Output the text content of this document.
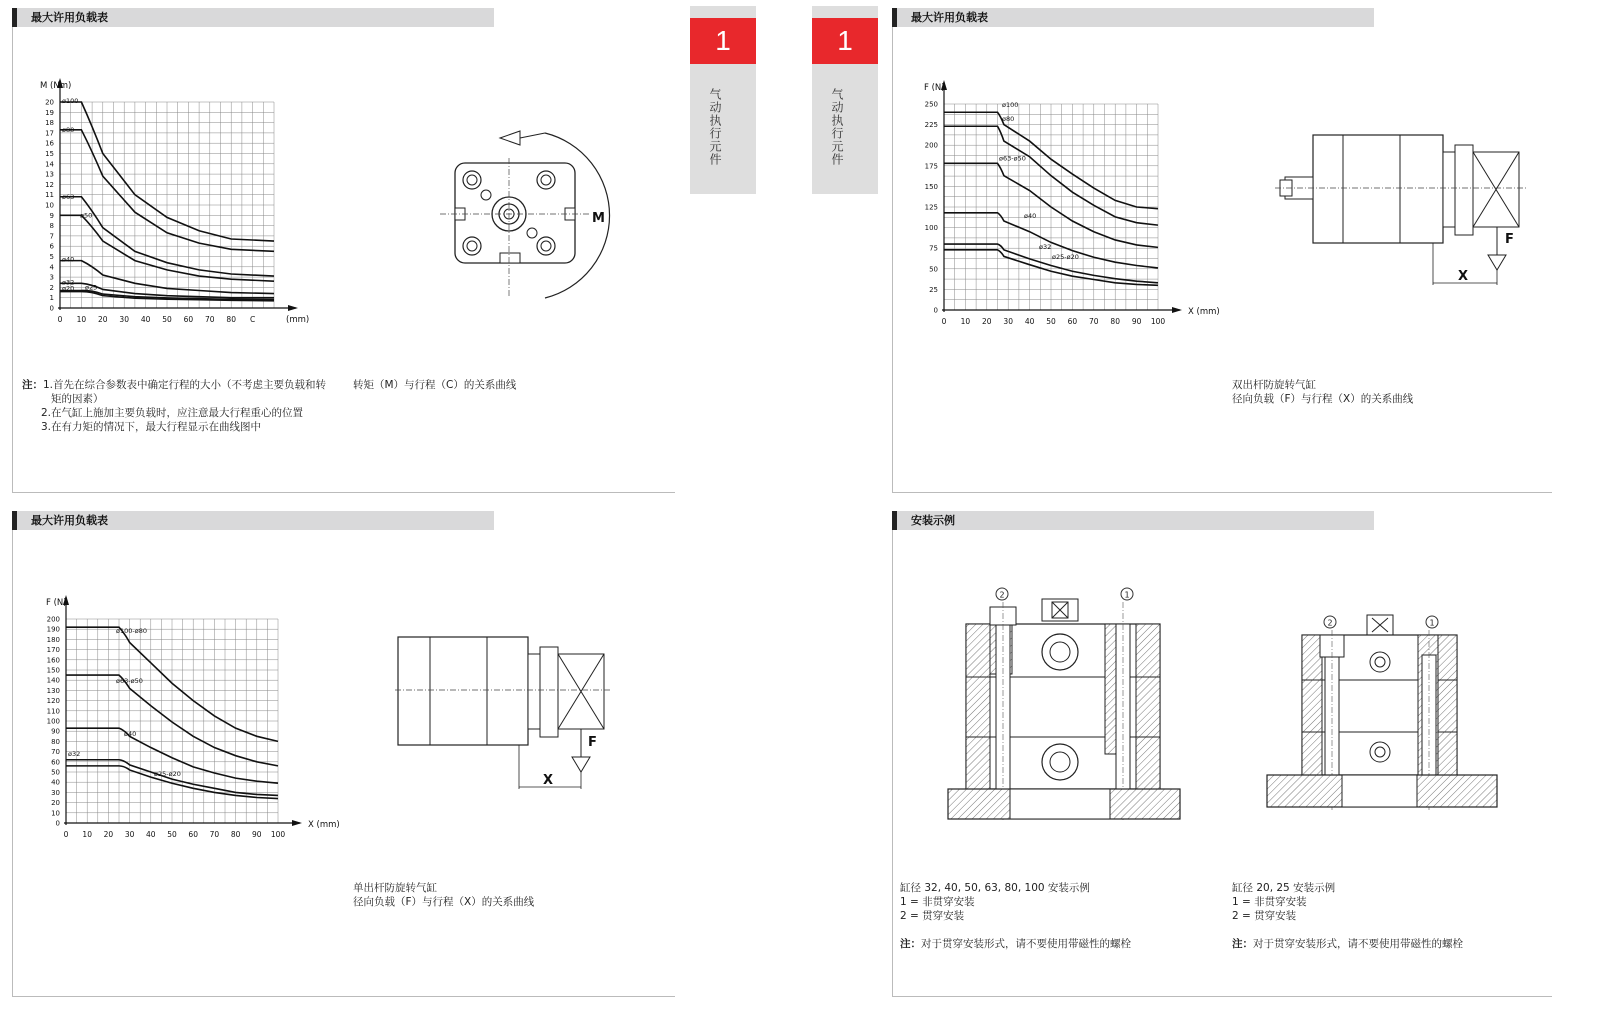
最大许用负载表
0 10 20 30 40 50 60 70 80 C
0
1
2
3
4
5
6
7
8
9
10
11
12
13
14
15
16
17
18
19
20
M (Nm)
(mm)
ø100
ø80
ø63
ø50
ø40
ø32
ø20 ø25
M
注：1.首先在综合参数表中确定行程的大小（不考虑主要负载和转
矩的因素）
2.在气缸上施加主要负载时，应注意最大行程重心的位置
3.在有力矩的情况下，最大行程显示在曲线图中
转矩（M）与行程（C）的关系曲线
1
气动执行元件
1
气动执行元件
最大许用负载表
0 10 20 30 40 50 60 70 80 90 100
0
25
50
75
100
125
150
175
200
225
250
F (N)
X (mm)
ø100
ø80
ø63-ø50
ø40
ø32
ø25-ø20
F
X
双出杆防旋转气缸
径向负载（F）与行程（X）的关系曲线
最大许用负载表
0 10 20 30 40 50 60 70 80 90 100
0
10
20
30
40
50
60
70
80
90
100
110
120
130
140
150
160
170
180
190
200
F (N)
X (mm)
ø100-ø80
ø63-ø50
ø40
ø32
ø25-ø20
F
X
单出杆防旋转气缸
径向负载（F）与行程（X）的关系曲线
安装示例
2	1
2	1
缸径 32, 40, 50, 63, 80, 100 安装示例
1 = 非贯穿安装
2 = 贯穿安装
注：对于贯穿安装形式，请不要使用带磁性的螺栓
缸径 20, 25 安装示例
1 = 非贯穿安装
2 = 贯穿安装
注：对于贯穿安装形式，请不要使用带磁性的螺栓
